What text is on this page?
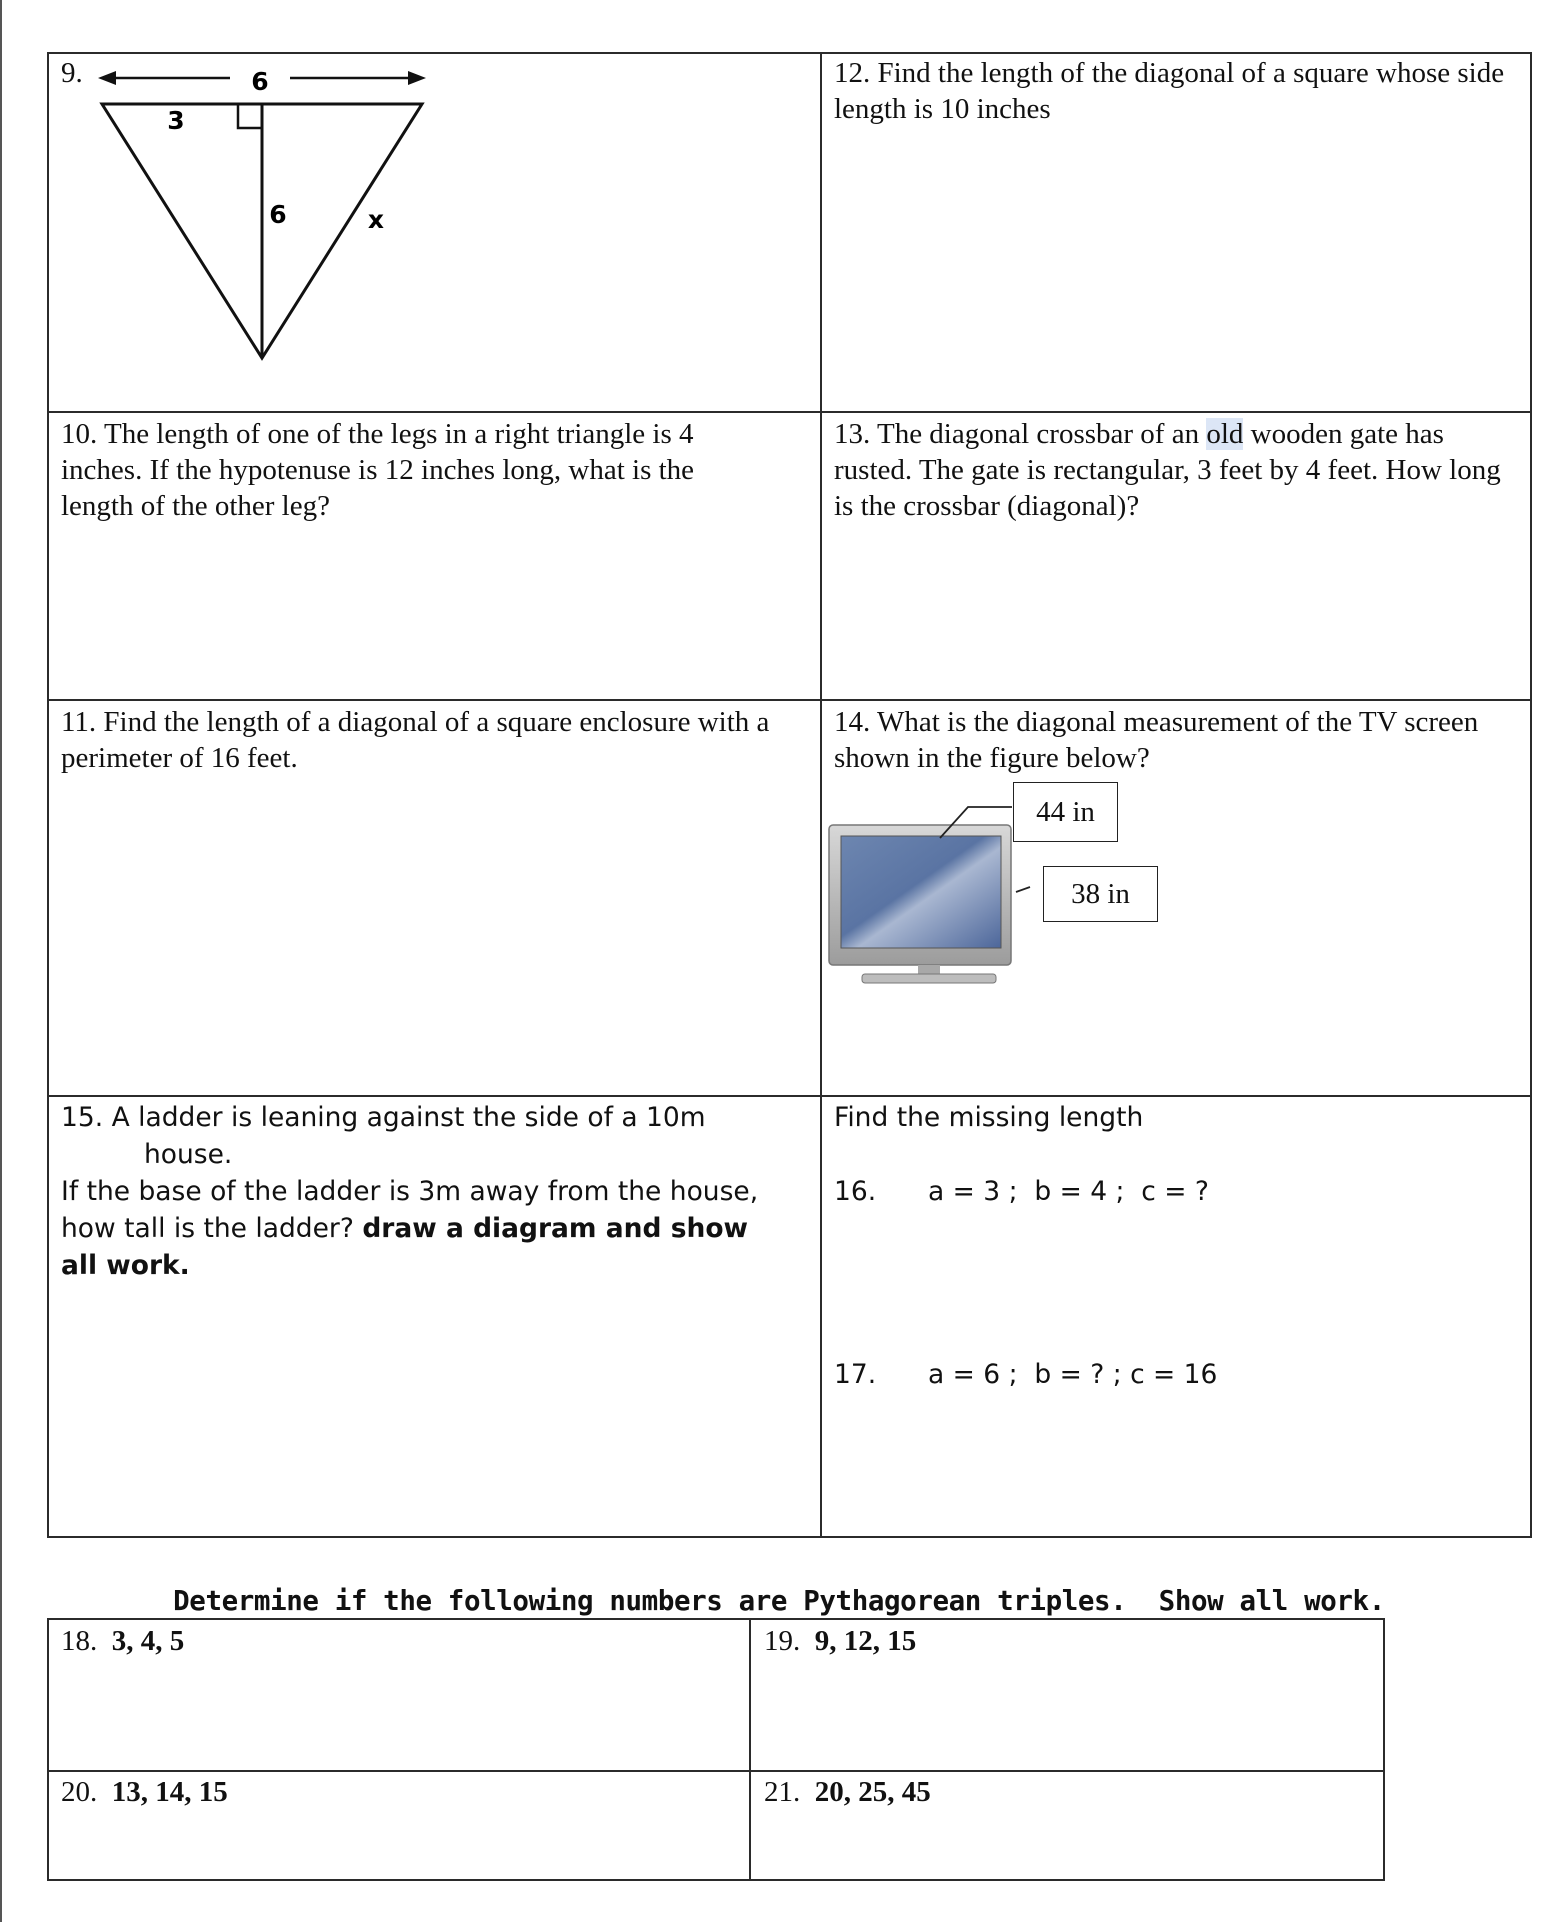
9.	6
3
6	x
12. Find the length of the diagonal of a square whose side length is 10 inches
10. The length of one of the legs in a right triangle is 4 inches. If the hypotenuse is 12 inches long, what is the length of the other leg?
13. The diagonal crossbar of an old wooden gate has rusted. The gate is rectangular, 3 feet by 4 feet. How long is the crossbar (diagonal)?
11. Find the length of a diagonal of a square enclosure with a perimeter of 16 feet.
14. What is the diagonal measurement of the TV screen shown in the figure below?
44 in
38 in
15. A ladder is leaning against the side of a 10m
house.
If the base of the ladder is 3m away from the house,
how tall is the ladder? draw a diagram and show
all work.
Find the missing length
16. a = 3 ;  b = 4 ;  c = ?
17. a = 6 ;  b = ? ; c = 16
Determine if the following numbers are Pythagorean triples.  Show all work.
18. 3, 4, 5	19. 9, 12, 15
20. 13, 14, 15	21. 20, 25, 45
